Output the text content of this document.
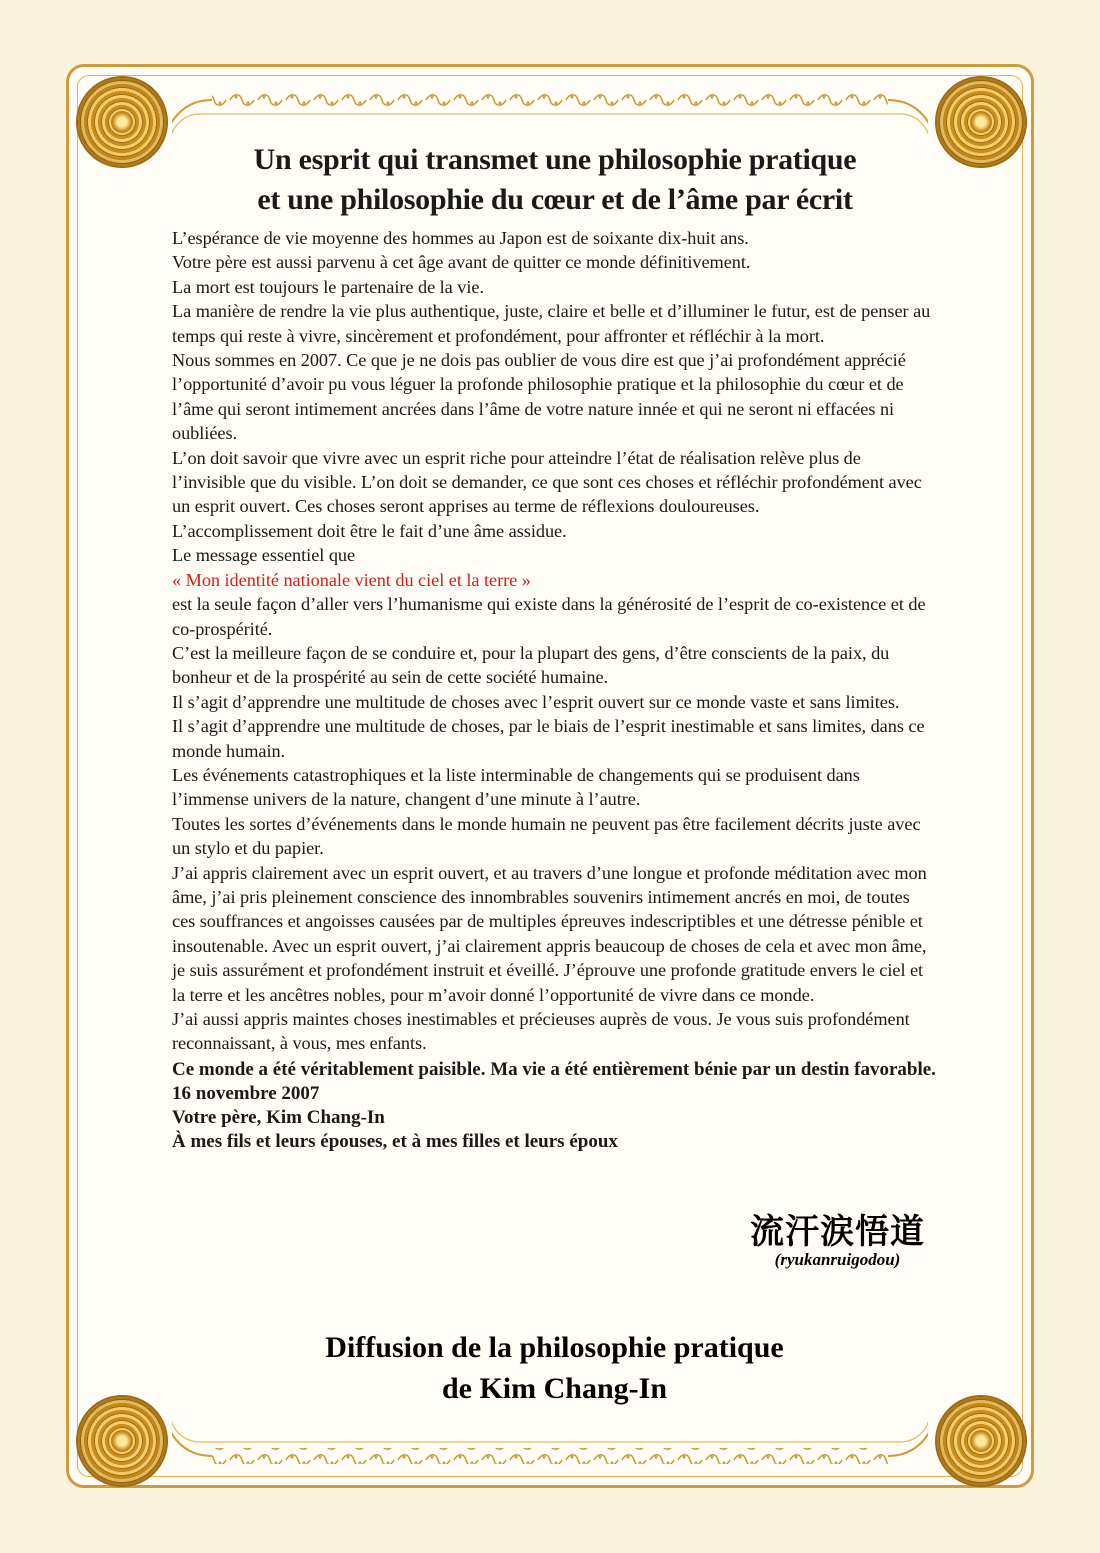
Un esprit qui transmet une philosophie pratique
et une philosophie du cœur et de l’âme par écrit

L’espérance de vie moyenne des hommes au Japon est de soixante dix-huit ans.

Votre père est aussi parvenu à cet âge avant de quitter ce monde définitivement.

La mort est toujours le partenaire de la vie.

La manière de rendre la vie plus authentique, juste, claire et belle et d’illuminer le futur, est de penser au temps qui reste à vivre, sincèrement et profondément, pour affronter et réfléchir à la mort.

Nous sommes en 2007. Ce que je ne dois pas oublier de vous dire est que j’ai profondément apprécié l’opportunité d’avoir pu vous léguer la profonde philosophie pratique et la philosophie du cœur et de l’âme qui seront intimement ancrées dans l’âme de votre nature innée et qui ne seront ni effacées ni oubliées.

L’on doit savoir que vivre avec un esprit riche pour atteindre l’état de réalisation relève plus de l’invisible que du visible. L’on doit se demander, ce que sont ces choses et réfléchir profondément avec un esprit ouvert. Ces choses seront apprises au terme de réflexions douloureuses.

L’accomplissement doit être le fait d’une âme assidue.

Le message essentiel que

« Mon identité nationale vient du ciel et la terre »

est la seule façon d’aller vers l’humanisme qui existe dans la générosité de l’esprit de co-existence et de co-prospérité.

C’est la meilleure façon de se conduire et, pour la plupart des gens, d’être conscients de la paix, du bonheur et de la prospérité au sein de cette société humaine.

Il s’agit d’apprendre une multitude de choses avec l’esprit ouvert sur ce monde vaste et sans limites.

Il s’agit d’apprendre une multitude de choses, par le biais de l’esprit inestimable et sans limites, dans ce monde humain.

Les événements catastrophiques et la liste interminable de changements qui se produisent dans l’immense univers de la nature, changent d’une minute à l’autre.

Toutes les sortes d’événements dans le monde humain ne peuvent pas être facilement décrits juste avec un stylo et du papier.

J’ai appris clairement avec un esprit ouvert, et au travers d’une longue et profonde méditation avec mon âme, j’ai pris pleinement conscience des innombrables souvenirs intimement ancrés en moi, de toutes ces souffrances et angoisses causées par de multiples épreuves indescriptibles et une détresse pénible et insoutenable. Avec un esprit ouvert, j’ai clairement appris beaucoup de choses de cela et avec mon âme, je suis assurément et profondément instruit et éveillé. J’éprouve une profonde gratitude envers le ciel et la terre et les ancêtres nobles, pour m’avoir donné l’opportunité de vivre dans ce monde.

J’ai aussi appris maintes choses inestimables et précieuses auprès de vous. Je vous suis profondément reconnaissant, à vous, mes enfants.

Ce monde a été véritablement paisible. Ma vie a été entièrement bénie par un destin favorable.

16 novembre 2007

Votre père, Kim Chang-In

À mes fils et leurs épouses, et à mes filles et leurs époux

流汗涙悟道
(ryukanruigodou)
Diffusion de la philosophie pratique
de Kim Chang-In
